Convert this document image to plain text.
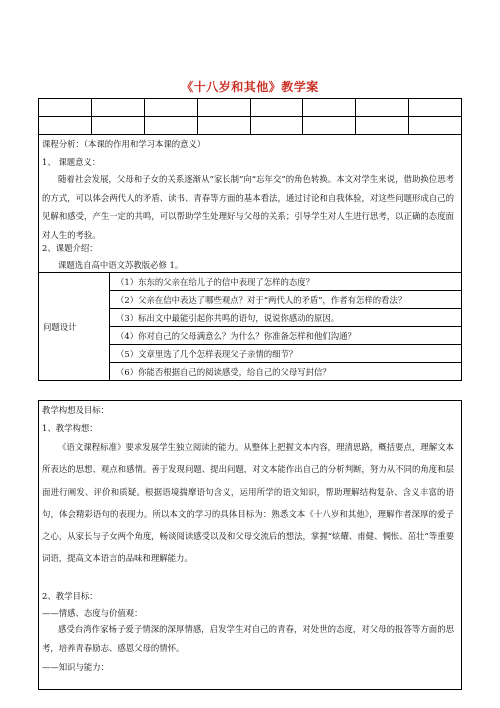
《十八岁和其他》教学案

课程分析：（本课的作用和学习本课的意义）
1、 课题意义：
随着社会发展，父母和子女的关系逐渐从“家长制”向“忘年交”的角色转换。本文对学生来说，借助换位思考的方式，可以体会两代人的矛盾、读书、青春等方面的基本看法，通过讨论和自我体验，对这些问题形成自己的见解和感受，产生一定的共鸣，可以帮助学生处理好与父母的关系；引导学生对人生进行思考，以正确的态度面对人生的考验。
2、课题介绍：
课题选自高中语文苏教版必修 1。
问题设计	（1）东东的父亲在给儿子的信中表现了怎样的态度？
（2）父亲在信中表达了哪些观点？对于“两代人的矛盾”，作者有怎样的看法？
（3）标出文中最能引起你共鸣的语句，说说你感动的原因。
（4）你对自己的父母满意么？为什么？你准备怎样和他们沟通？
（5）文章里选了几个怎样表现父子亲情的细节？
（6）你能否根据自己的阅读感受，给自己的父母写封信？
教学构想及目标：
1、教学构想：
《语文课程标准》要求发展学生独立阅读的能力。从整体上把握文本内容，理清思路，概括要点，理解文本所表达的思想、观点和感情。善于发现问题、提出问题，对文本能作出自己的分析判断，努力从不同的角度和层面进行阐发、评价和质疑。根据语境揣摩语句含义，运用所学的语文知识，帮助理解结构复杂、含义丰富的语句，体会精彩语句的表现力。所以本文的学习的具体目标为：熟悉文本《十八岁和其他》，理解作者深厚的爱子之心，从家长与子女两个角度，畅谈阅读感受以及和父母交流后的想法，掌握“炫耀、甫健、惆怅、茁壮”等重要词语，提高文本语言的品味和理解能力。
2、教学目标：
——情感、态度与价值观：
感受台湾作家杨子爱子情深的深厚情感，启发学生对自己的青春，对处世的态度，对父母的报答等方面的思考，培养青春励志、感恩父母的情怀。
——知识与能力：
